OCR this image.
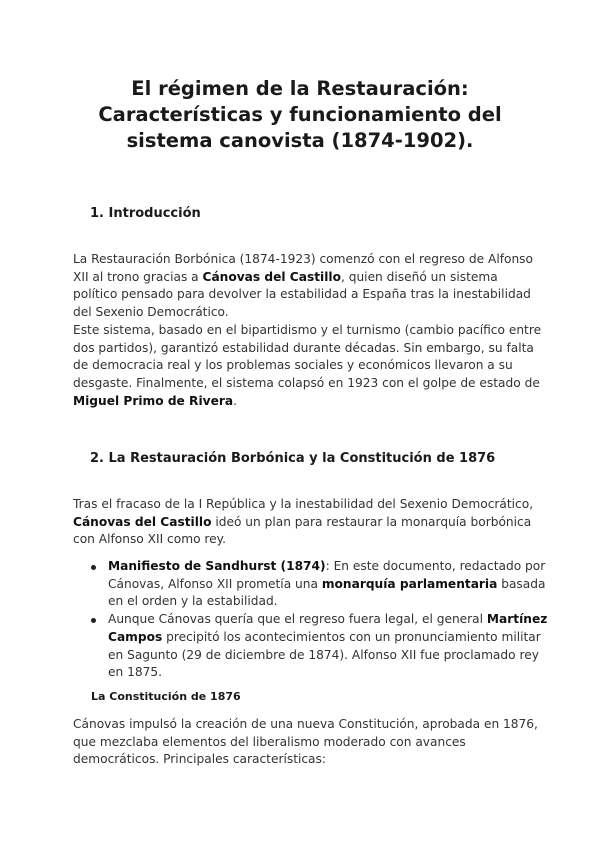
El régimen de la Restauración:
Características y funcionamiento del
sistema canovista (1874-1902).
1. Introducción

La Restauración Borbónica (1874-1923) comenzó con el regreso de Alfonso XII al trono gracias a Cánovas del Castillo, quien diseñó un sistema político pensado para devolver la estabilidad a España tras la inestabilidad del Sexenio Democrático.

Este sistema, basado en el bipartidismo y el turnismo (cambio pacífico entre dos partidos), garantizó estabilidad durante décadas. Sin embargo, su falta de democracia real y los problemas sociales y económicos llevaron a su desgaste. Finalmente, el sistema colapsó en 1923 con el golpe de estado de Miguel Primo de Rivera.

2. La Restauración Borbónica y la Constitución de 1876

Tras el fracaso de la I República y la inestabilidad del Sexenio Democrático, Cánovas del Castillo ideó un plan para restaurar la monarquía borbónica con Alfonso XII como rey.

Manifiesto de Sandhurst (1874): En este documento, redactado por Cánovas, Alfonso XII prometía una monarquía parlamentaria basada en el orden y la estabilidad.
Aunque Cánovas quería que el regreso fuera legal, el general Martínez Campos precipitó los acontecimientos con un pronunciamiento militar en Sagunto (29 de diciembre de 1874). Alfonso XII fue proclamado rey en 1875.
La Constitución de 1876

Cánovas impulsó la creación de una nueva Constitución, aprobada en 1876, que mezclaba elementos del liberalismo moderado con avances democráticos. Principales características:
